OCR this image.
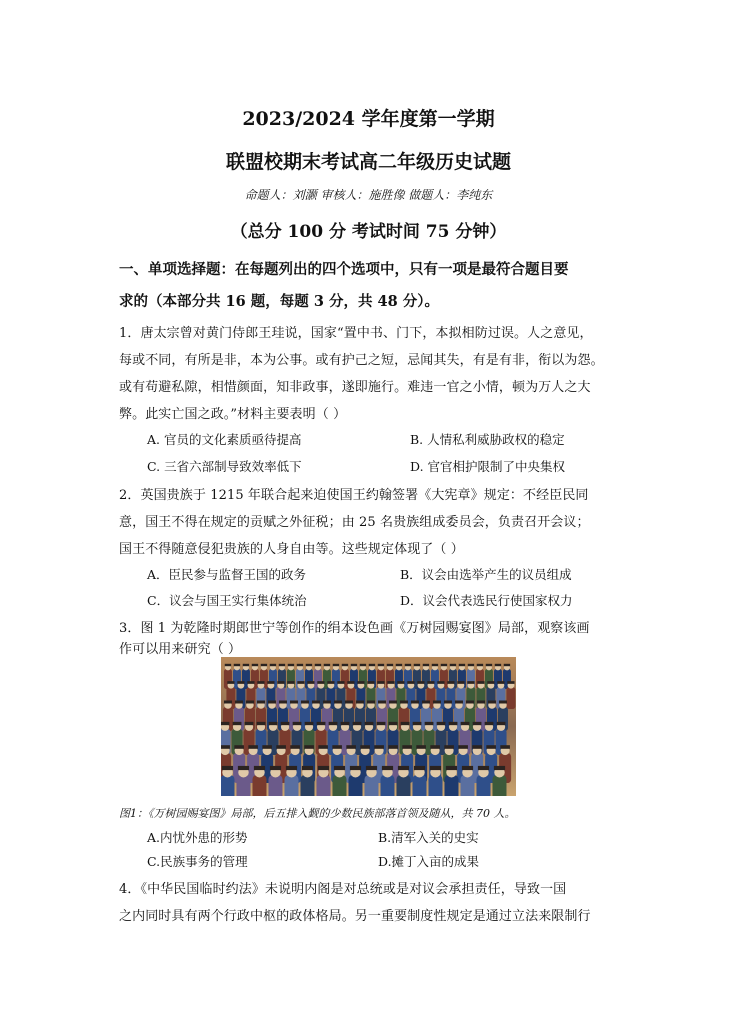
2023/2024 学年度第一学期
联盟校期末考试高二年级历史试题
命题人：刘灏 审核人：施胜像 做题人：李纯东
（总分 100 分 考试时间 75 分钟）
一、单项选择题：在每题列出的四个选项中，只有一项是最符合题目要
求的（本部分共 16 题，每题 3 分，共 48 分）。
1．唐太宗曾对黄门侍郎王珪说，国家“置中书、门下，本拟相防过误。人之意见，
每或不同，有所是非，本为公事。或有护己之短，忌闻其失，有是有非，衔以为怨。
或有苟避私隙，相惜颜面，知非政事，遂即施行。难违一官之小情，顿为万人之大
弊。此实亡国之政。”材料主要表明（ ）
A. 官员的文化素质亟待提高	B. 人情私利威胁政权的稳定
C. 三省六部制导致效率低下	D. 官官相护限制了中央集权
2．英国贵族于 1215 年联合起来迫使国王约翰签署《大宪章》规定：不经臣民同
意，国王不得在规定的贡赋之外征税；由 25 名贵族组成委员会，负责召开会议；
国王不得随意侵犯贵族的人身自由等。这些规定体现了（ ）
A．臣民参与监督王国的政务	B．议会由选举产生的议员组成
C．议会与国王实行集体统治	D．议会代表选民行使国家权力
3．图 1 为乾隆时期郎世宁等创作的绢本设色画《万树园赐宴图》局部，观察该画
作可以用来研究（ ）
图1：《万树园赐宴图》局部，后五排入觐的少数民族部落首领及随从，共 70 人。
A.内忧外患的形势	B.清军入关的史实
C.民族事务的管理	D.摊丁入亩的成果
4．《中华民国临时约法》未说明内阁是对总统或是对议会承担责任，导致一国
之内同时具有两个行政中枢的政体格局。另一重要制度性规定是通过立法来限制行
